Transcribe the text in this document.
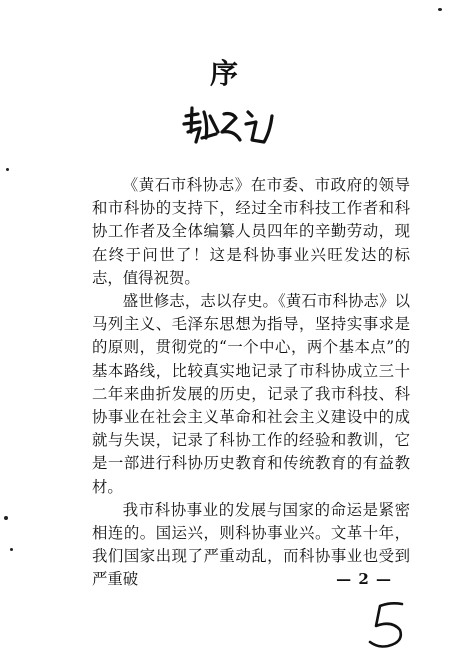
序

《黄石市科协志》在市委、市政府的领导和市科协的支持下，经过全市科技工作者和科协工作者及全体编纂人员四年的辛勤劳动，现在终于问世了！这是科协事业兴旺发达的标志，值得祝贺。

盛世修志，志以存史。《黄石市科协志》以马列主义、毛泽东思想为指导，坚持实事求是的原则，贯彻党的“一个中心，两个基本点”的基本路线，比较真实地记录了市科协成立三十二年来曲折发展的历史，记录了我市科技、科协事业在社会主义革命和社会主义建设中的成就与失误，记录了科协工作的经验和教训，它是一部进行科协历史教育和传统教育的有益教材。

我市科协事业的发展与国家的命运是紧密相连的。国运兴，则科协事业兴。文革十年，我们国家出现了严重动乱，而科协事业也受到严重破	— 2 —
